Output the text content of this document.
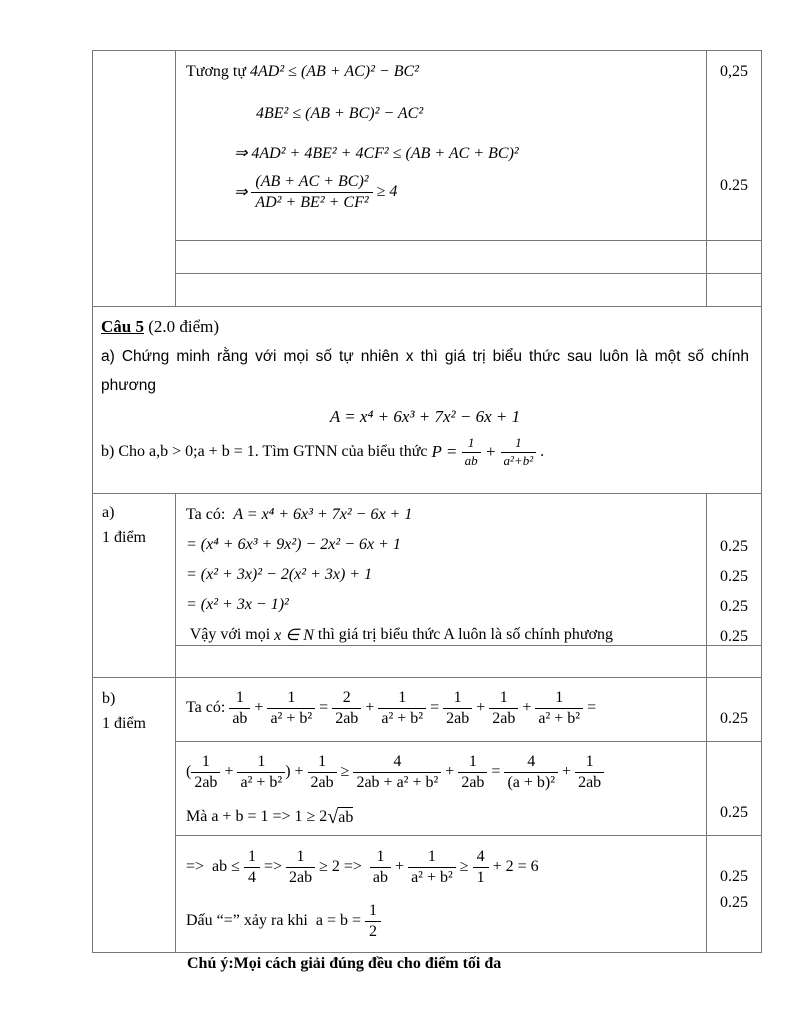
Tương tự 4AD² ≤ (AB + AC)² − BC²
4BE² ≤ (AB + BC)² − AC²
⇒ 4AD² + 4BE² + 4CF² ≤ (AB + AC + BC)²
⇒ $\frac{\text{(AB + AC + BC)²}}{\text{AD² + BE² + CF²}} \ge 4$
0,25
0.25
Câu 5 (2.0 điểm)
a) Chứng minh rằng với mọi số tự nhiên x thì giá trị biểu thức sau luôn là một số chính phương
A = x⁴ + 6x³ + 7x² − 6x + 1
b) Cho a,b > 0;a + b = 1. Tìm GTNN của biểu thức $P = \frac{1}{ab} + \frac{1}{\text{a²+b²}}$ .
a)
1 điểm
Ta có: A = x⁴ + 6x³ + 7x² − 6x + 1
= (x⁴ + 6x³ + 9x²) − 2x² − 6x + 1
= (x² + 3x)² − 2(x² + 3x) + 1
= (x² + 3x − 1)²
Vậy với mọi x ∈ N thì giá trị biểu thức A luôn là số chính phương
0.25
0.25
0.25
0.25
b)
1 điểm
Ta có: $\frac{1}{ab} + \frac{1}{\text{a² + b²}} = \frac{2}{2ab} + \frac{1}{\text{a² + b²}} = \frac{1}{2ab} + \frac{1}{2ab} + \frac{1}{\text{a² + b²}}$ =
0.25
( $\frac{1}{2ab} + \frac{1}{\text{a² + b²}}$ ) + $\frac{1}{2ab} \ge \frac{4}{\text{2ab + a² + b²}} + \frac{1}{2ab} = \frac{4}{\text{(a + b)²}} + \frac{1}{2ab}$
Mà a + b = 1 => 1 ≥ 2 √ ab	0.25
=>  ab ≤ $\frac{1}{4} => \frac{1}{2ab} \ge 2 => \frac{1}{ab} + \frac{1}{\text{a² + b²}} \ge \frac{4}{1} + 2 = 6$
Dấu “=” xảy ra khi  $a = b = \frac{1}{2}$
0.25
0.25
Chú ý:Mọi cách giải đúng đều cho điểm tối đa
